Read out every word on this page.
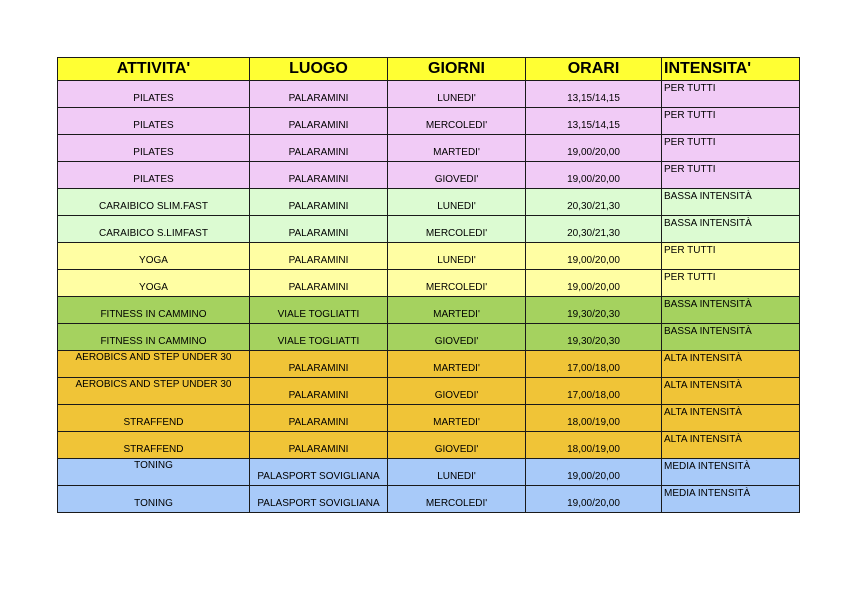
ATTIVITA'	LUOGO	GIORNI	ORARI	INTENSITA'
PILATES	PALARAMINI	LUNEDI'	13,15/14,15	PER TUTTI
PILATES	PALARAMINI	MERCOLEDI'	13,15/14,15	PER TUTTI
PILATES	PALARAMINI	MARTEDI'	19,00/20,00	PER TUTTI
PILATES	PALARAMINI	GIOVEDI'	19,00/20,00	PER TUTTI
CARAIBICO SLIM.FAST	PALARAMINI	LUNEDI'	20,30/21,30	BASSA INTENSITÀ
CARAIBICO S.LIMFAST	PALARAMINI	MERCOLEDI'	20,30/21,30	BASSA INTENSITÀ
YOGA	PALARAMINI	LUNEDI'	19,00/20,00	PER TUTTI
YOGA	PALARAMINI	MERCOLEDI'	19,00/20,00	PER TUTTI
FITNESS IN CAMMINO	VIALE TOGLIATTI	MARTEDI'	19,30/20,30	BASSA INTENSITÀ
FITNESS IN CAMMINO	VIALE TOGLIATTI	GIOVEDI'	19,30/20,30	BASSA INTENSITÀ
AEROBICS AND STEP UNDER 30	PALARAMINI	MARTEDI'	17,00/18,00	ALTA INTENSITÀ
AEROBICS AND STEP UNDER 30	PALARAMINI	GIOVEDI'	17,00/18,00	ALTA INTENSITÀ
STRAFFEND	PALARAMINI	MARTEDI'	18,00/19,00	ALTA INTENSITÀ
STRAFFEND	PALARAMINI	GIOVEDI'	18,00/19,00	ALTA INTENSITÀ
TONING	PALASPORT SOVIGLIANA	LUNEDI'	19,00/20,00	MEDIA INTENSITÀ
TONING	PALASPORT SOVIGLIANA	MERCOLEDI'	19,00/20,00	MEDIA INTENSITÀ
